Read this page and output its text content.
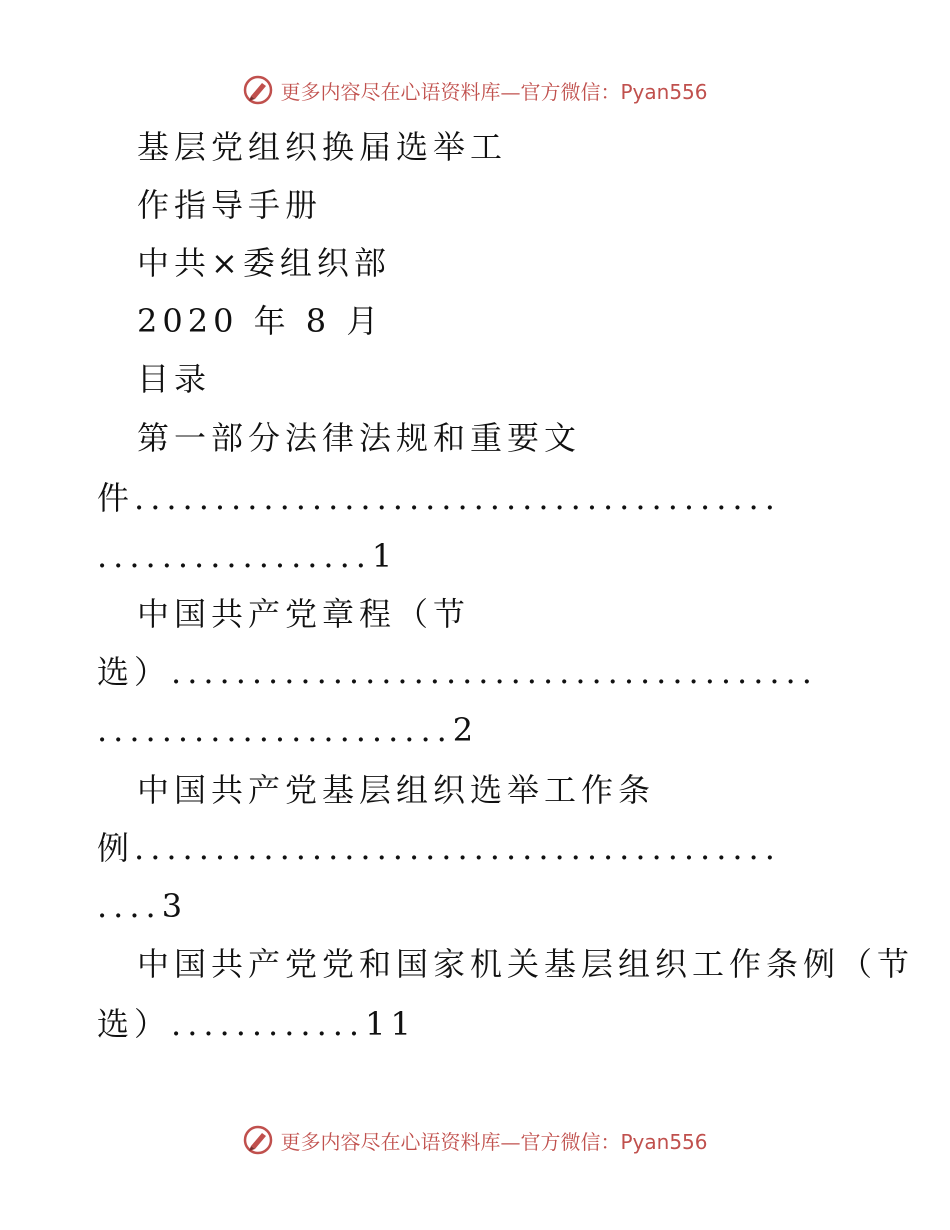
更多内容尽在心语资料库—官方微信：Pyan556
基层党组织换届选举工
作指导手册
中共×委组织部
2020 年 8 月
目录
第一部分法律法规和重要文
件........................................
.................1
中国共产党章程（节
选）........................................
......................2
中国共产党基层组织选举工作条
例........................................
....3
中国共产党党和国家机关基层组织工作条例（节
选）............11
更多内容尽在心语资料库—官方微信：Pyan556
